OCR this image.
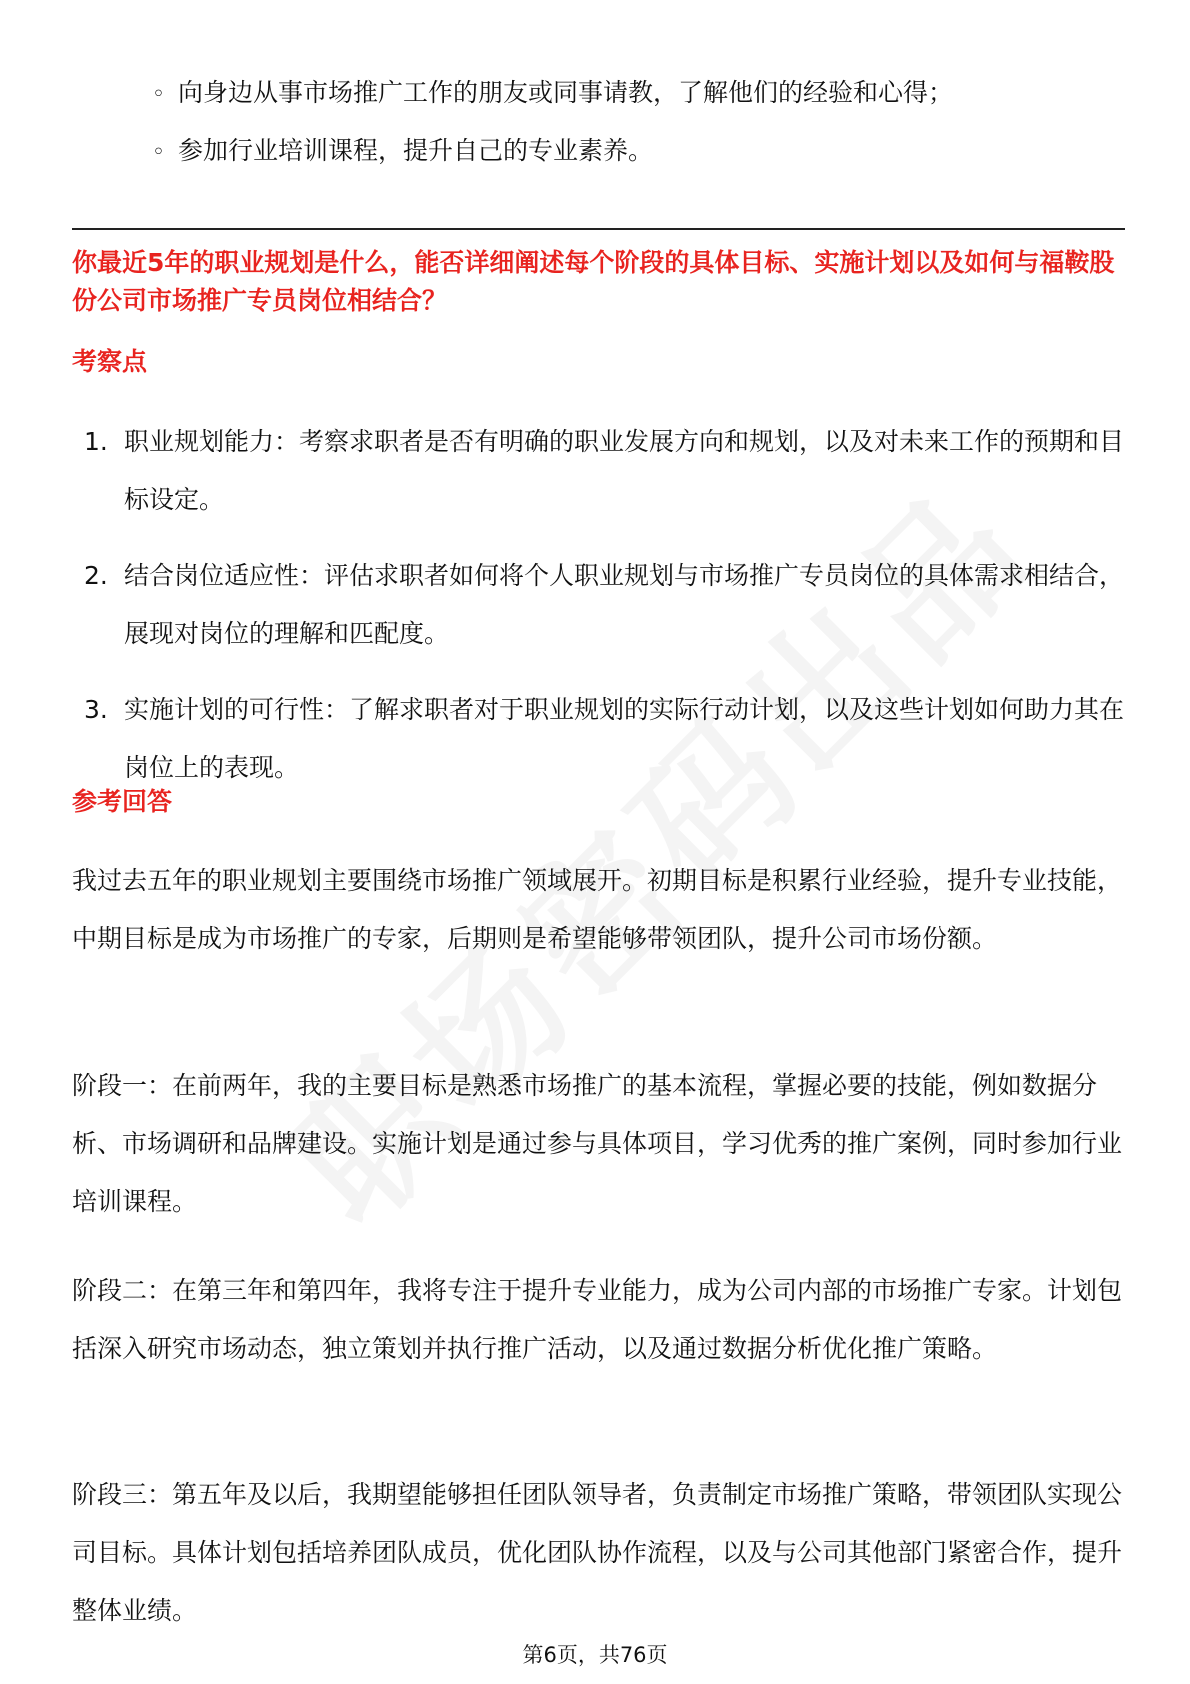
◦ 向身边从事市场推广工作的朋友或同事请教，了解他们的经验和心得；
◦ 参加行业培训课程，提升自己的专业素养。
你最近5年的职业规划是什么，能否详细阐述每个阶段的具体目标、实施计划以及如何与福鞍股份公司市场推广专员岗位相结合？
考察点
1. 职业规划能力：考察求职者是否有明确的职业发展方向和规划，以及对未来工作的预期和目标设定。
2. 结合岗位适应性：评估求职者如何将个人职业规划与市场推广专员岗位的具体需求相结合，展现对岗位的理解和匹配度。
3. 实施计划的可行性：了解求职者对于职业规划的实际行动计划，以及这些计划如何助力其在岗位上的表现。
参考回答
我过去五年的职业规划主要围绕市场推广领域展开。初期目标是积累行业经验，提升专业技能，中期目标是成为市场推广的专家，后期则是希望能够带领团队，提升公司市场份额。
阶段一：在前两年，我的主要目标是熟悉市场推广的基本流程，掌握必要的技能，例如数据分析、市场调研和品牌建设。实施计划是通过参与具体项目，学习优秀的推广案例，同时参加行业培训课程。
阶段二：在第三年和第四年，我将专注于提升专业能力，成为公司内部的市场推广专家。计划包括深入研究市场动态，独立策划并执行推广活动，以及通过数据分析优化推广策略。
阶段三：第五年及以后，我期望能够担任团队领导者，负责制定市场推广策略，带领团队实现公司目标。具体计划包括培养团队成员，优化团队协作流程，以及与公司其他部门紧密合作，提升整体业绩。
第6页，共76页
